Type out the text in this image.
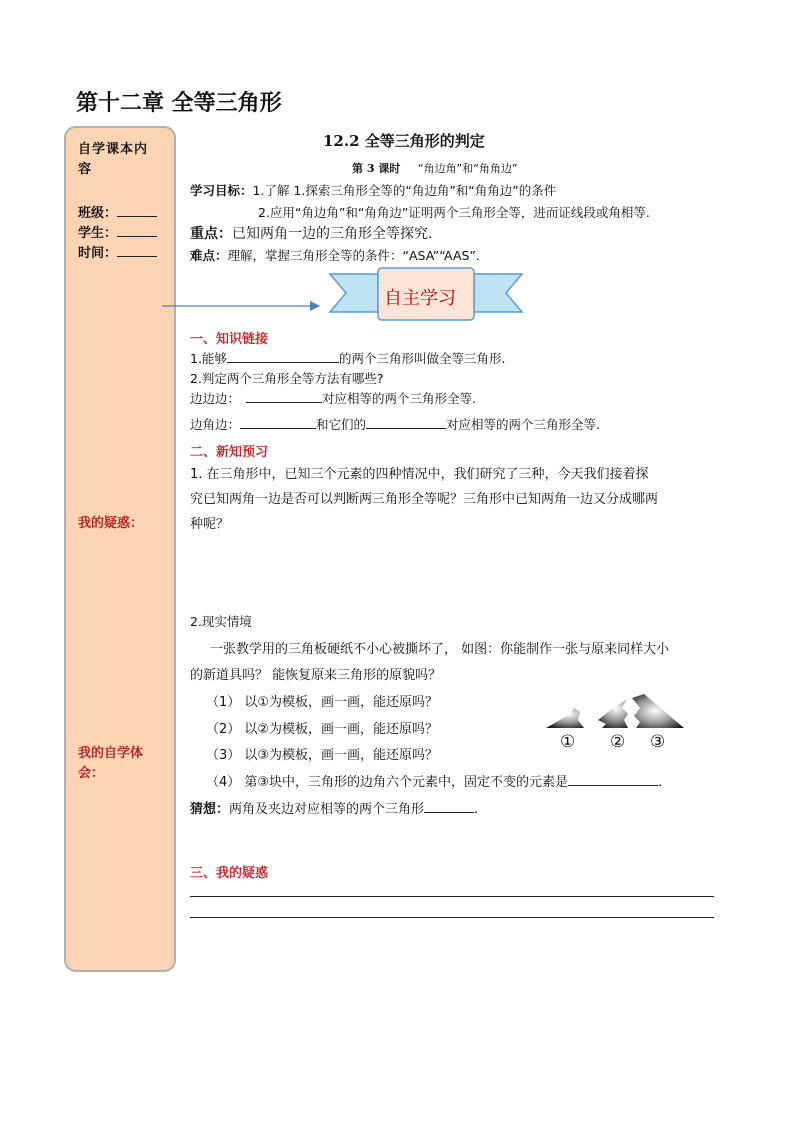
第十二章 全等三角形
自学课本内
容
班级：
学生：
时间：
我的疑惑：
我的自学体
会：
12.2 全等三角形的判定
第 3 课时 “角边角”和“角角边”
学习目标：1.了解 1.探索三角形全等的“角边角”和“角角边”的条件
2.应用“角边角”和“角角边”证明两个三角形全等，进而证线段或角相等.
重点：已知两角一边的三角形全等探究.
难点：理解，掌握三角形全等的条件：“ASA”“AAS”．
自主学习
一、知识链接
1.能够	的两个三角形叫做全等三角形.
2.判定两个三角形全等方法有哪些?
边边边：	对应相等的两个三角形全等.
边角边：	和它们的	对应相等的两个三角形全等.
二、新知预习
1. 在三角形中，已知三个元素的四种情况中，我们研究了三种，今天我们接着探
究已知两角一边是否可以判断两三角形全等呢？三角形中已知两角一边又分成哪两
种呢？
2.现实情境
一张教学用的三角板硬纸不小心被撕坏了， 如图：你能制作一张与原来同样大小
的新道具吗？ 能恢复原来三角形的原貌吗？
（1） 以①为模板，画一画，能还原吗？
（2） 以②为模板，画一画，能还原吗？
（3） 以③为模板，画一画，能还原吗？
（4） 第③块中，三角形的边角六个元素中，固定不变的元素是	.
猜想：两角及夹边对应相等的两个三角形	.
① ② ③
三、我的疑惑
